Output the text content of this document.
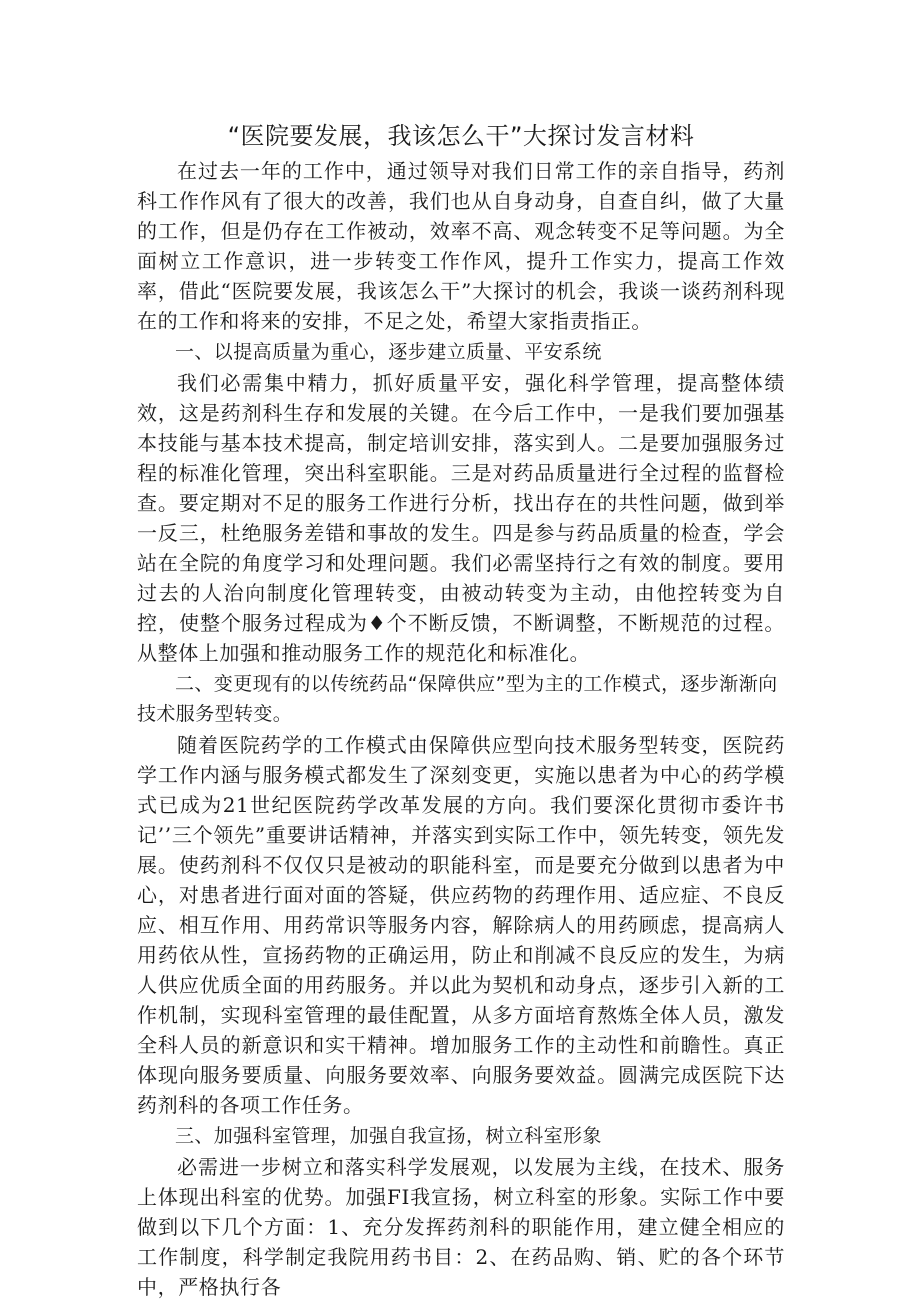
“医院要发展，我该怎么干”大探讨发言材料

在过去一年的工作中，通过领导对我们日常工作的亲自指导，药剂科工作作风有了很大的改善，我们也从自身动身，自查自纠，做了大量的工作，但是仍存在工作被动，效率不高、观念转变不足等问题。为全面树立工作意识，进一步转变工作作风，提升工作实力，提高工作效率，借此“医院要发展，我该怎么干”大探讨的机会，我谈一谈药剂科现在的工作和将来的安排，不足之处，希望大家指责指正。

一、以提高质量为重心，逐步建立质量、平安系统

我们必需集中精力，抓好质量平安，强化科学管理，提高整体绩效，这是药剂科生存和发展的关键。在今后工作中，一是我们要加强基本技能与基本技术提高，制定培训安排，落实到人。二是要加强服务过程的标准化管理，突出科室职能。三是对药品质量进行全过程的监督检查。要定期对不足的服务工作进行分析，找出存在的共性问题，做到举一反三，杜绝服务差错和事故的发生。四是参与药品质量的检查，学会站在全院的角度学习和处理问题。我们必需坚持行之有效的制度。要用过去的人治向制度化管理转变，由被动转变为主动，由他控转变为自控，使整个服务过程成为♦个不断反馈，不断调整，不断规范的过程。从整体上加强和推动服务工作的规范化和标准化。

二、变更现有的以传统药品“保障供应”型为主的工作模式，逐步渐渐向技术服务型转变。

随着医院药学的工作模式由保障供应型向技术服务型转变，医院药学工作内涵与服务模式都发生了深刻变更，实施以患者为中心的药学模式已成为21世纪医院药学改革发展的方向。我们要深化贯彻市委许书记’’三个领先”重要讲话精神，并落实到实际工作中，领先转变，领先发展。使药剂科不仅仅只是被动的职能科室，而是要充分做到以患者为中心，对患者进行面对面的答疑，供应药物的药理作用、适应症、不良反应、相互作用、用药常识等服务内容，解除病人的用药顾虑，提高病人用药依从性，宣扬药物的正确运用，防止和削减不良反应的发生，为病人供应优质全面的用药服务。并以此为契机和动身点，逐步引入新的工作机制，实现科室管理的最佳配置，从多方面培育熬炼全体人员，激发全科人员的新意识和实干精神。增加服务工作的主动性和前瞻性。真正体现向服务要质量、向服务要效率、向服务要效益。圆满完成医院下达药剂科的各项工作任务。

三、加强科室管理，加强自我宣扬，树立科室形象

必需进一步树立和落实科学发展观，以发展为主线，在技术、服务上体现出科室的优势。加强FI我宣扬，树立科室的形象。实际工作中要做到以下几个方面：1、充分发挥药剂科的职能作用，建立健全相应的工作制度，科学制定我院用药书目：2、在药品购、销、贮的各个环节中，严格执行各
